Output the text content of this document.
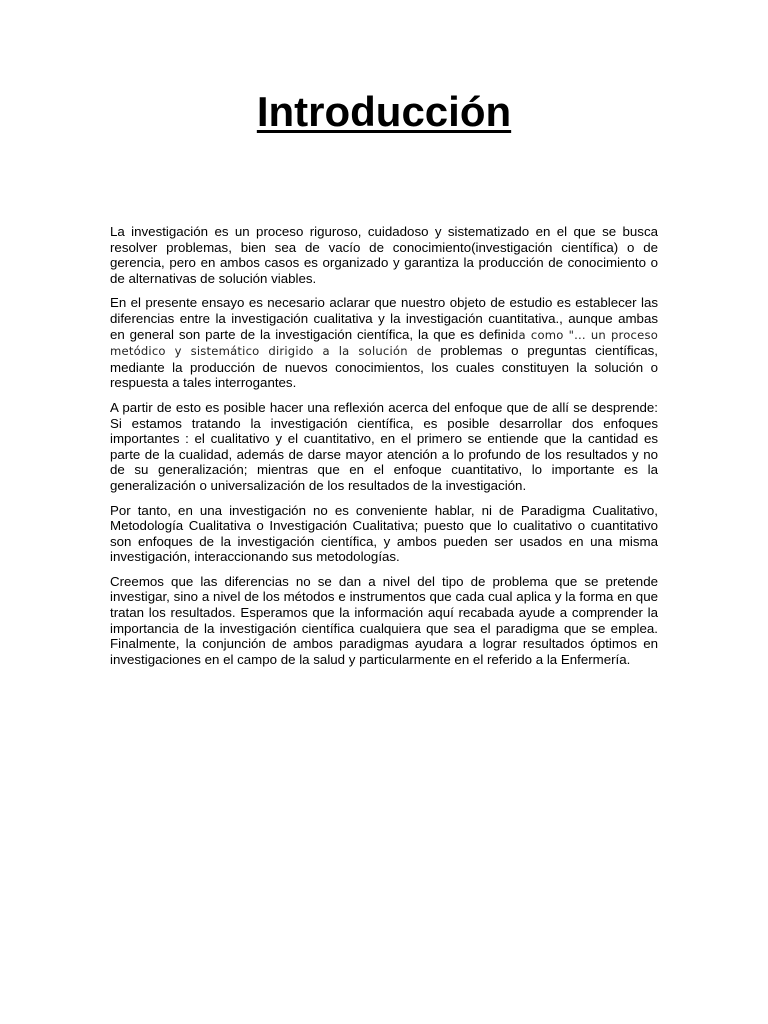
Introducción

La investigación es un proceso riguroso, cuidadoso y sistematizado en el que se busca resolver problemas, bien sea de vacío de conocimiento(investigación científica) o de gerencia, pero en ambos casos es organizado y garantiza la producción de conocimiento o de alternativas de solución viables.

En el presente ensayo es necesario aclarar que nuestro objeto de estudio es establecer las diferencias entre la investigación cualitativa y la investigación cuantitativa., aunque ambas en general son parte de la investigación científica, la que es definida como "... un proceso metódico y sistemático dirigido a la solución de problemas o preguntas científicas, mediante la producción de nuevos conocimientos, los cuales constituyen la solución o respuesta a tales interrogantes.

A partir de esto es posible hacer una reflexión acerca del enfoque que de allí se desprende: Si estamos tratando la investigación científica, es posible desarrollar dos enfoques importantes : el cualitativo y el cuantitativo, en el primero se entiende que la cantidad es parte de la cualidad, además de darse mayor atención a lo profundo de los resultados y no de su generalización; mientras que en el enfoque cuantitativo, lo importante es la generalización o universalización de los resultados de la investigación.

Por tanto, en una investigación no es conveniente hablar, ni de Paradigma Cualitativo, Metodología Cualitativa o Investigación Cualitativa; puesto que lo cualitativo o cuantitativo son enfoques de la investigación científica, y ambos pueden ser usados en una misma investigación, interaccionando sus metodologías.

Creemos que las diferencias no se dan a nivel del tipo de problema que se pretende investigar, sino a nivel de los métodos e instrumentos que cada cual aplica y la forma en que tratan los resultados. Esperamos que la información aquí recabada ayude a comprender la importancia de la investigación científica cualquiera que sea el paradigma que se emplea. Finalmente, la conjunción de ambos paradigmas ayudara a lograr resultados óptimos en investigaciones en el campo de la salud y particularmente en el referido a la Enfermería.
